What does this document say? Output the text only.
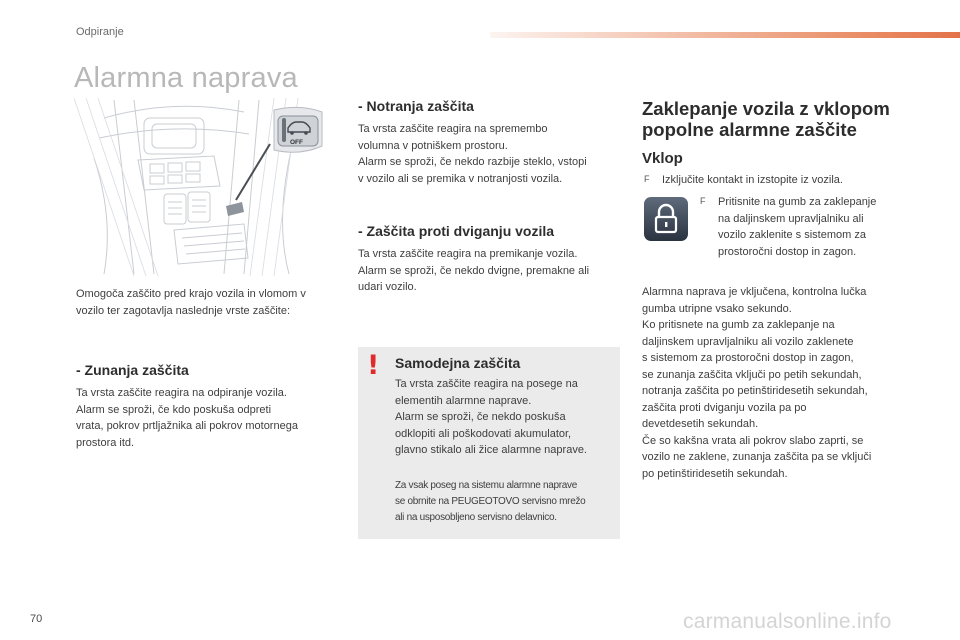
Odpiranje
Alarmna naprava
OFF

Omogoča zaščito pred krajo vozila in vlomom v
vozilo ter zagotavlja naslednje vrste zaščite:

- Zunanja zaščita

Ta vrsta zaščite reagira na odpiranje vozila.
Alarm se sproži, če kdo poskuša odpreti
vrata, pokrov prtljažnika ali pokrov motornega
prostora itd.

- Notranja zaščita

Ta vrsta zaščite reagira na spremembo
volumna v potniškem prostoru.
Alarm se sproži, če nekdo razbije steklo, vstopi
v vozilo ali se premika v notranjosti vozila.

- Zaščita proti dviganju vozila

Ta vrsta zaščite reagira na premikanje vozila.
Alarm se sproži, če nekdo dvigne, premakne ali
udari vozilo.

! Samodejna zaščita

Ta vrsta zaščite reagira na posege na
elementih alarmne naprave.
Alarm se sproži, če nekdo poskuša
odklopiti ali poškodovati akumulator,
glavno stikalo ali žice alarmne naprave.

Za vsak poseg na sistemu alarmne naprave
se obrnite na PEUGEOTOVO servisno mrežo
ali na usposobljeno servisno delavnico.

Zaklepanje vozila z vklopom
popolne alarmne zaščite

Vklop

F	Izključite kontakt in izstopite iz vozila.
F	Pritisnite na gumb za zaklepanje
na daljinskem upravljalniku ali
vozilo zaklenite s sistemom za
prostoročni dostop in zagon.

Alarmna naprava je vključena, kontrolna lučka
gumba utripne vsako sekundo.
Ko pritisnete na gumb za zaklepanje na
daljinskem upravljalniku ali vozilo zaklenete
s sistemom za prostoročni dostop in zagon,
se zunanja zaščita vključi po petih sekundah,
notranja zaščita po petinštiridesetih sekundah,
zaščita proti dviganju vozila pa po
devetdesetih sekundah.
Če so kakšna vrata ali pokrov slabo zaprti, se
vozilo ne zaklene, zunanja zaščita pa se vključi
po petinštiridesetih sekundah.

70	carmanualsonline.info
